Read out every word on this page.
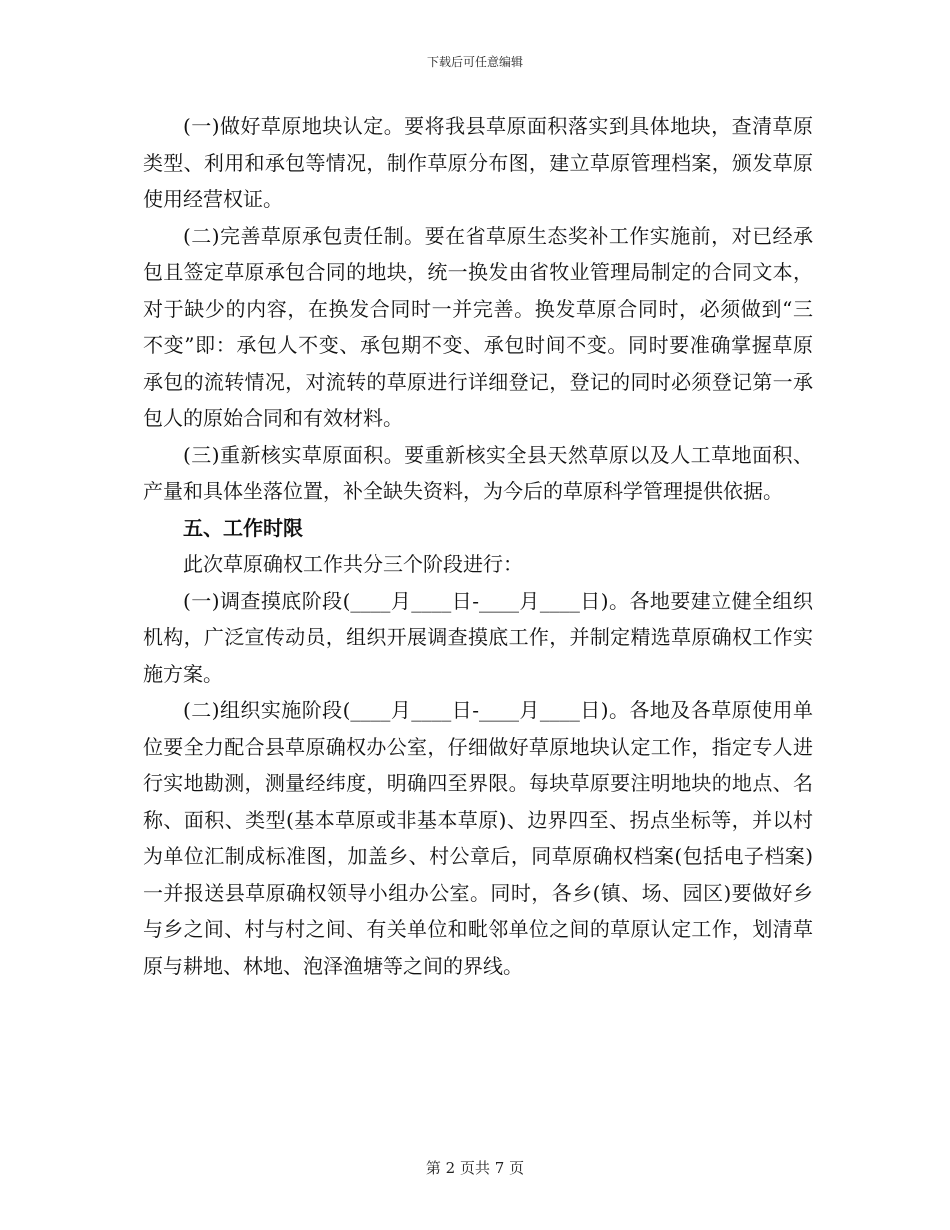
下载后可任意编辑

(一)做好草原地块认定。要将我县草原面积落实到具体地块，查清草原类型、利用和承包等情况，制作草原分布图，建立草原管理档案，颁发草原使用经营权证。

(二)完善草原承包责任制。要在省草原生态奖补工作实施前，对已经承包且签定草原承包合同的地块，统一换发由省牧业管理局制定的合同文本，对于缺少的内容，在换发合同时一并完善。换发草原合同时，必须做到“三不变”即：承包人不变、承包期不变、承包时间不变。同时要准确掌握草原承包的流转情况，对流转的草原进行详细登记，登记的同时必须登记第一承包人的原始合同和有效材料。

(三)重新核实草原面积。要重新核实全县天然草原以及人工草地面积、产量和具体坐落位置，补全缺失资料，为今后的草原科学管理提供依据。

五、工作时限

此次草原确权工作共分三个阶段进行：

(一)调查摸底阶段(____月____日-____月____日)。各地要建立健全组织机构，广泛宣传动员，组织开展调查摸底工作，并制定精选草原确权工作实施方案。

(二)组织实施阶段(____月____日-____月____日)。各地及各草原使用单位要全力配合县草原确权办公室，仔细做好草原地块认定工作，指定专人进行实地勘测，测量经纬度，明确四至界限。每块草原要注明地块的地点、名称、面积、类型(基本草原或非基本草原)、边界四至、拐点坐标等，并以村为单位汇制成标准图，加盖乡、村公章后，同草原确权档案(包括电子档案)一并报送县草原确权领导小组办公室。同时，各乡(镇、场、园区)要做好乡与乡之间、村与村之间、有关单位和毗邻单位之间的草原认定工作，划清草原与耕地、林地、泡泽渔塘等之间的界线。

第 2 页共 7 页
